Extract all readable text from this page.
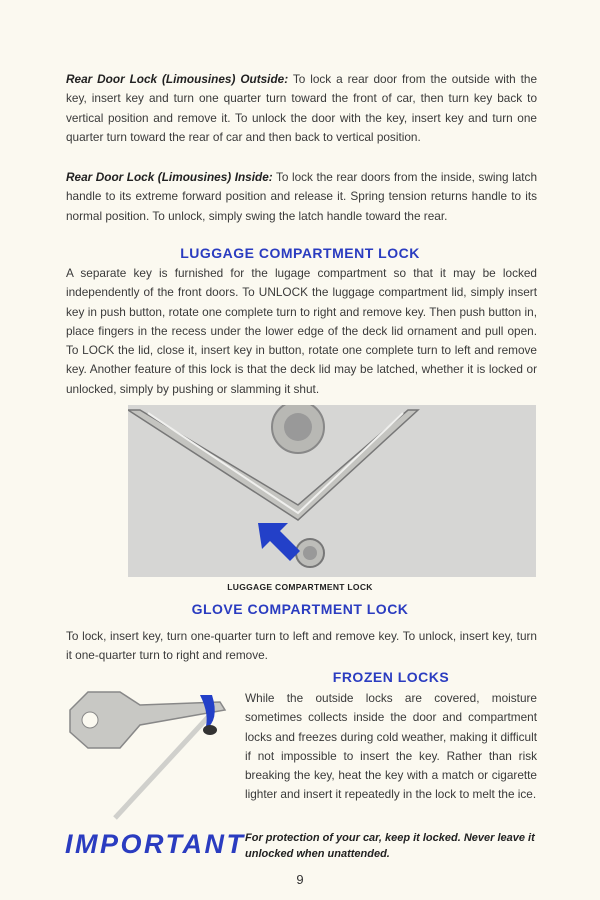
Rear Door Lock (Limousines) Outside: To lock a rear door from the outside with the key, insert key and turn one quarter turn toward the front of car, then turn key back to vertical position and remove it. To unlock the door with the key, insert key and turn one quarter turn toward the rear of car and then back to vertical position.

Rear Door Lock (Limousines) Inside: To lock the rear doors from the inside, swing latch handle to its extreme forward position and release it. Spring tension returns handle to its normal position. To unlock, simply swing the latch handle toward the rear.

LUGGAGE COMPARTMENT LOCK

A separate key is furnished for the lugage compartment so that it may be locked independently of the front doors. To UNLOCK the luggage compartment lid, simply insert key in push button, rotate one complete turn to right and remove key. Then push button in, place fingers in the recess under the lower edge of the deck lid ornament and pull open. To LOCK the lid, close it, insert key in button, rotate one complete turn to left and remove key. Another feature of this lock is that the deck lid may be latched, whether it is locked or unlocked, simply by pushing or slamming it shut.

LUGGAGE COMPARTMENT LOCK
GLOVE COMPARTMENT LOCK

To lock, insert key, turn one-quarter turn to left and remove key. To unlock, insert key, turn it one-quarter turn to right and remove.

FROZEN LOCKS

While the outside locks are covered, moisture sometimes collects inside the door and compartment locks and freezes during cold weather, making it difficult if not impossible to insert the key. Rather than risk breaking the key, heat the key with a match or cigarette lighter and insert it repeatedly in the lock to melt the ice.

IMPORTANT For protection of your car, keep it locked. Never leave it unlocked when unattended.
9
